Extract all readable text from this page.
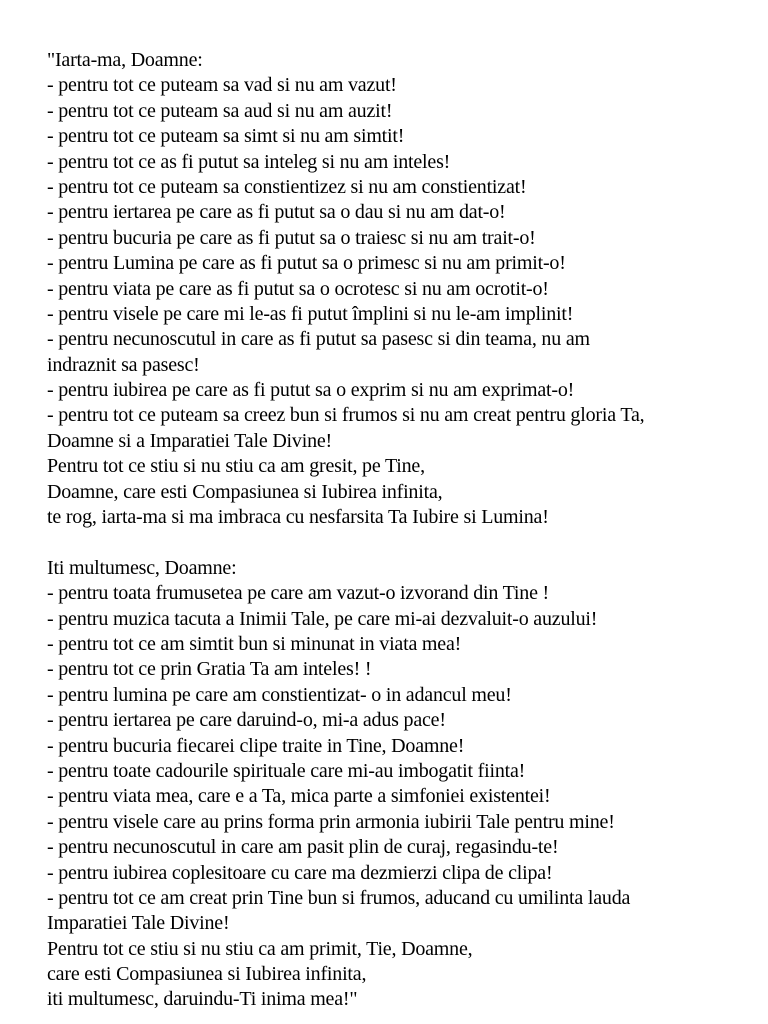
"Iarta-ma, Doamne:
- pentru tot ce puteam sa vad si nu am vazut!
- pentru tot ce puteam sa aud si nu am auzit!
- pentru tot ce puteam sa simt si nu am simtit!
- pentru tot ce as fi putut sa inteleg si nu am inteles!
- pentru tot ce puteam sa constientizez si nu am constientizat!
- pentru iertarea pe care as fi putut sa o dau si nu am dat-o!
- pentru bucuria pe care as fi putut sa o traiesc si nu am trait-o!
- pentru Lumina pe care as fi putut sa o primesc si nu am primit-o!
- pentru viata pe care as fi putut sa o ocrotesc si nu am ocrotit-o!
- pentru visele pe care mi le-as fi putut împlini si nu le-am implinit!
- pentru necunoscutul in care as fi putut sa pasesc si din teama, nu am
indraznit sa pasesc!
- pentru iubirea pe care as fi putut sa o exprim si nu am exprimat-o!
- pentru tot ce puteam sa creez bun si frumos si nu am creat pentru gloria Ta,
Doamne si a Imparatiei Tale Divine!
Pentru tot ce stiu si nu stiu ca am gresit, pe Tine,
Doamne, care esti Compasiunea si Iubirea infinita,
te rog, iarta-ma si ma imbraca cu nesfarsita Ta Iubire si Lumina!
Iti multumesc, Doamne:
- pentru toata frumusetea pe care am vazut-o izvorand din Tine !
- pentru muzica tacuta a Inimii Tale, pe care mi-ai dezvaluit-o auzului!
- pentru tot ce am simtit bun si minunat in viata mea!
- pentru tot ce prin Gratia Ta am inteles! !
- pentru lumina pe care am constientizat- o in adancul meu!
- pentru iertarea pe care daruind-o, mi-a adus pace!
- pentru bucuria fiecarei clipe traite in Tine, Doamne!
- pentru toate cadourile spirituale care mi-au imbogatit fiinta!
- pentru viata mea, care e a Ta, mica parte a simfoniei existentei!
- pentru visele care au prins forma prin armonia iubirii Tale pentru mine!
- pentru necunoscutul in care am pasit plin de curaj, regasindu-te!
- pentru iubirea coplesitoare cu care ma dezmierzi clipa de clipa!
- pentru tot ce am creat prin Tine bun si frumos, aducand cu umilinta lauda
Imparatiei Tale Divine!
Pentru tot ce stiu si nu stiu ca am primit, Tie, Doamne,
care esti Compasiunea si Iubirea infinita,
iti multumesc, daruindu-Ti inima mea!"
